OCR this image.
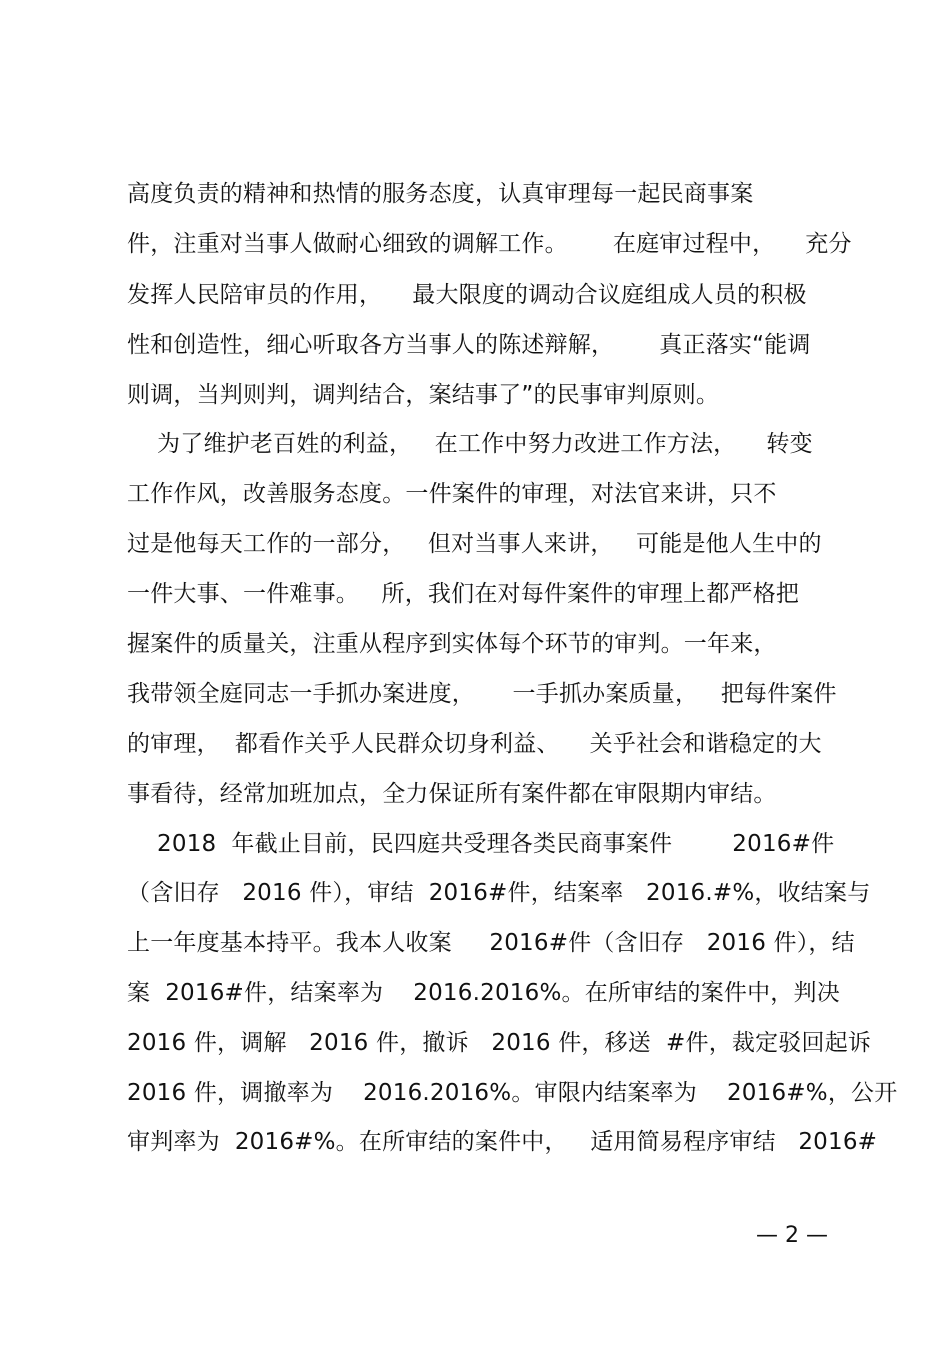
高度负责的精神和热情的服务态度，认真审理每一起民商事案
件，注重对当事人做耐心细致的调解工作。      在庭审过程中，    充分
发挥人民陪审员的作用，    最大限度的调动合议庭组成人员的积极
性和创造性，细心听取各方当事人的陈述辩解，      真正落实“能调
则调，当判则判，调判结合，案结事了”的民事审判原则。
为了维护老百姓的利益，   在工作中努力改进工作方法，    转变
工作作风，改善服务态度。一件案件的审理，对法官来讲，只不
过是他每天工作的一部分，   但对当事人来讲，   可能是他人生中的
一件大事、一件难事。   所，我们在对每件案件的审理上都严格把
握案件的质量关，注重从程序到实体每个环节的审判。一年来，
我带领全庭同志一手抓办案进度，     一手抓办案质量，   把每件案件
的审理，  都看作关乎人民群众切身利益、    关乎社会和谐稳定的大
事看待，经常加班加点，全力保证所有案件都在审限期内审结。
2018  年截止目前，民四庭共受理各类民商事案件        2016#件
（含旧存   2016 件），审结  2016#件，结案率   2016.#%，收结案与
上一年度基本持平。我本人收案     2016#件（含旧存   2016 件），结
案  2016#件，结案率为    2016.2016%。在所审结的案件中，判决
2016 件，调解   2016 件，撤诉   2016 件，移送  #件，裁定驳回起诉
2016 件，调撤率为    2016.2016%。审限内结案率为    2016#%，公开
审判率为  2016#%。在所审结的案件中，   适用简易程序审结   2016#
— 2 —
